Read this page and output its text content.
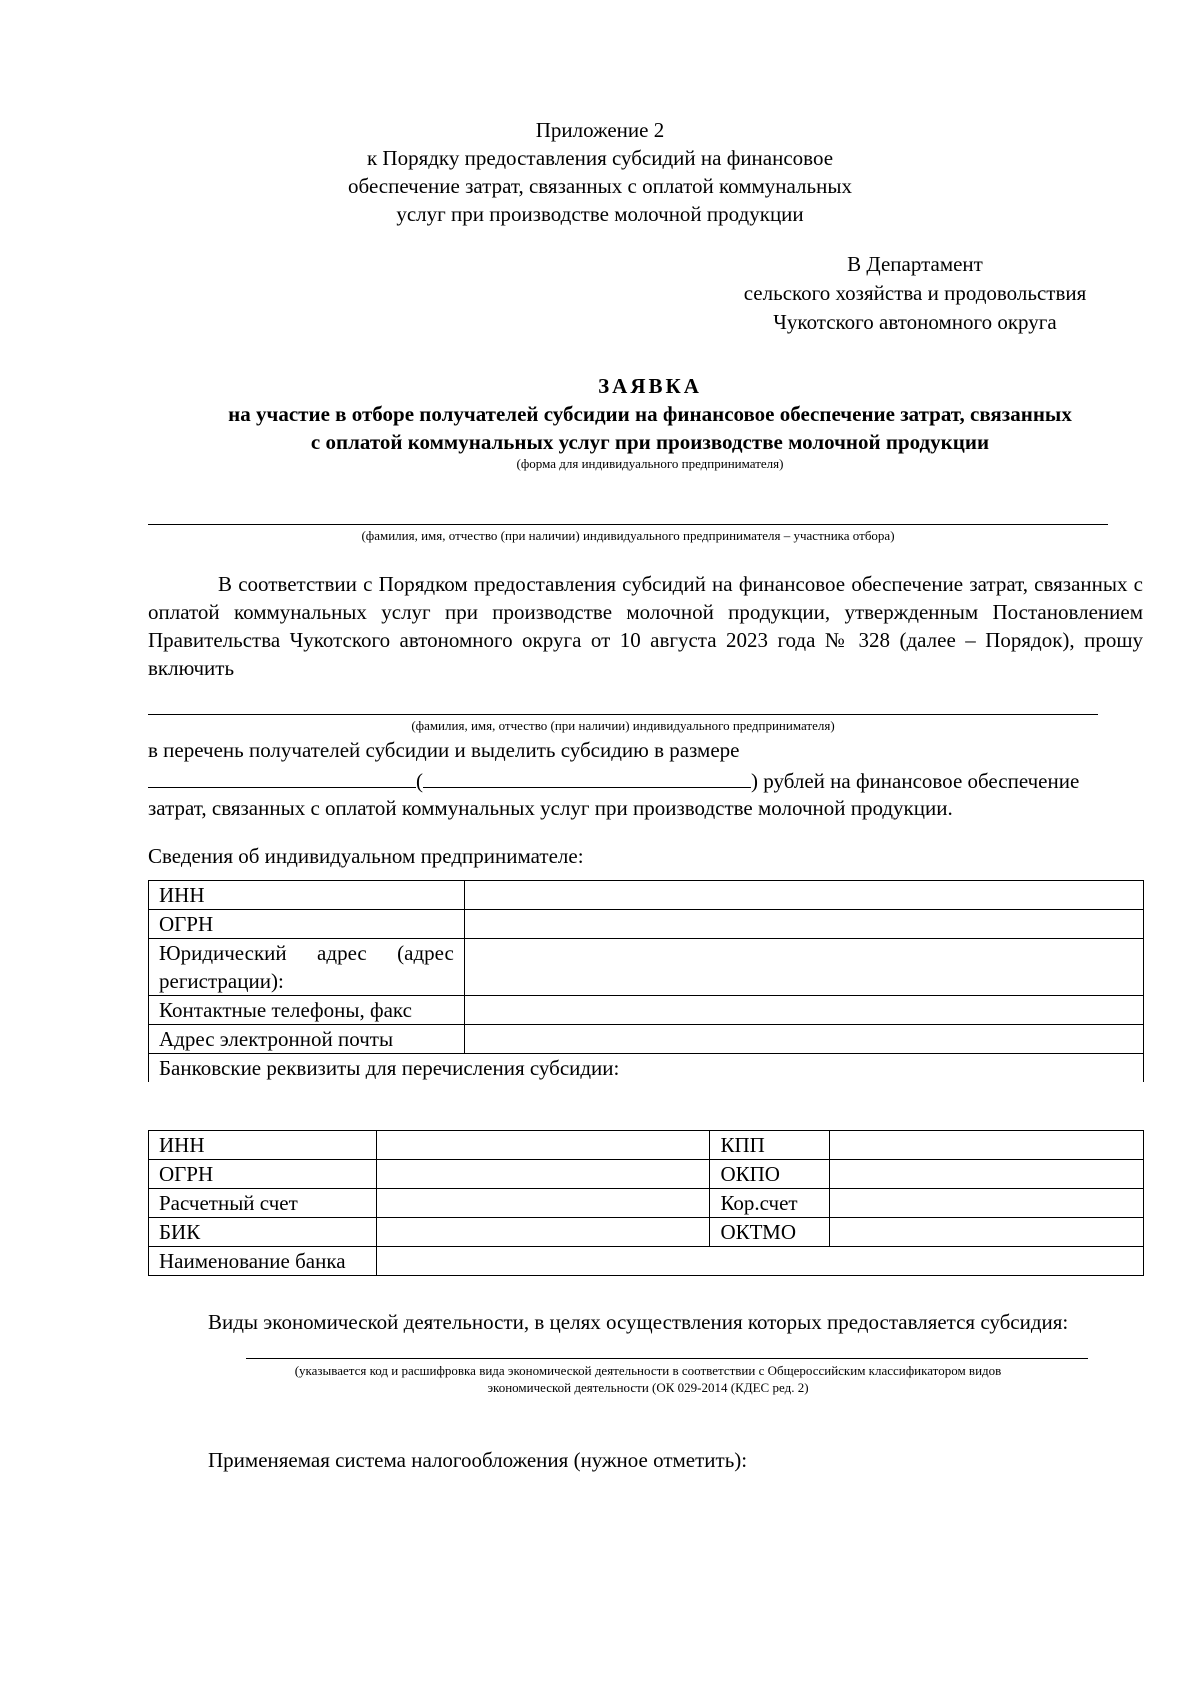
Приложение 2
к Порядку предоставления субсидий на финансовое
обеспечение затрат, связанных с оплатой коммунальных
услуг при производстве молочной продукции
В Департамент
сельского хозяйства и продовольствия
Чукотского автономного округа
ЗАЯВКА
на участие в отборе получателей субсидии на финансовое обеспечение затрат, связанных
с оплатой коммунальных услуг при производстве молочной продукции
(форма для индивидуального предпринимателя)
(фамилия, имя, отчество (при наличии) индивидуального предпринимателя – участника отбора)
В соответствии с Порядком предоставления субсидий на финансовое обеспечение затрат, связанных с оплатой коммунальных услуг при производстве молочной продукции, утвержденным Постановлением Правительства Чукотского автономного округа от 10 августа 2023 года № 328 (далее – Порядок), прошу включить
(фамилия, имя, отчество (при наличии) индивидуального предпринимателя)
в перечень получателей субсидии и выделить субсидию в размере
(	) рублей на финансовое обеспечение
затрат, связанных с оплатой коммунальных услуг при производстве молочной продукции.
Сведения об индивидуальном предпринимателе:
ИНН	
ОГРН	
Юридический адрес (адрес регистрации):	
Контактные телефоны, факс	
Адрес электронной почты	
Банковские реквизиты для перечисления субсидии:	
ИНН		КПП	
ОГРН		ОКПО	
Расчетный счет		Кор.счет	
БИК		ОКТМО	
Наименование банка			
Виды экономической деятельности, в целях осуществления которых предоставляется субсидия:
(указывается код и расшифровка вида экономической деятельности в соответствии с Общероссийским классификатором видов
экономической деятельности (ОК 029-2014 (КДЕС ред. 2)
Применяемая система налогообложения (нужное отметить):
